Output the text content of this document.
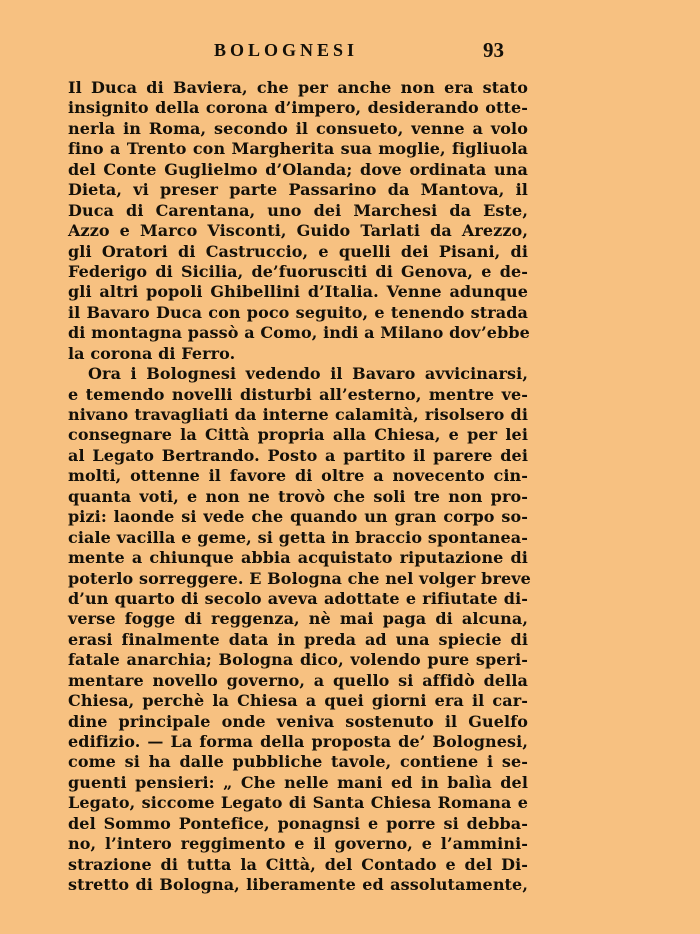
BOLOGNESI	93
Il Duca di Baviera, che per anche non era stato
insignito della corona d’impero, desiderando otte-
nerla in Roma, secondo il consueto, venne a volo
fino a Trento con Margherita sua moglie, figliuola
del Conte Guglielmo d’Olanda; dove ordinata una
Dieta, vi preser parte Passarino da Mantova, il
Duca di Carentana, uno dei Marchesi da Este,
Azzo e Marco Visconti, Guido Tarlati da Arezzo,
gli Oratori di Castruccio, e quelli dei Pisani, di
Federigo di Sicilia, de’fuorusciti di Genova, e de-
gli altri popoli Ghibellini d’Italia. Venne adunque
il Bavaro Duca con poco seguito, e tenendo strada
di montagna passò a Como, indi a Milano dov’ebbe
la corona di Ferro.
Ora i Bolognesi vedendo il Bavaro avvicinarsi,
e temendo novelli disturbi all’esterno, mentre ve-
nivano travagliati da interne calamità, risolsero di
consegnare la Città propria alla Chiesa, e per lei
al Legato Bertrando. Posto a partito il parere dei
molti, ottenne il favore di oltre a novecento cin-
quanta voti, e non ne trovò che soli tre non pro-
pizi: laonde si vede che quando un gran corpo so-
ciale vacilla e geme, si getta in braccio spontanea-
mente a chiunque abbia acquistato riputazione di
poterlo sorreggere. E Bologna che nel volger breve
d’un quarto di secolo aveva adottate e rifiutate di-
verse fogge di reggenza, nè mai paga di alcuna,
erasi finalmente data in preda ad una spiecie di
fatale anarchia; Bologna dico, volendo pure speri-
mentare novello governo, a quello si affidò della
Chiesa, perchè la Chiesa a quei giorni era il car-
dine principale onde veniva sostenuto il Guelfo
edifizio. — La forma della proposta de’ Bolognesi,
come si ha dalle pubbliche tavole, contiene i se-
guenti pensieri: „ Che nelle mani ed in balìa del
Legato, siccome Legato di Santa Chiesa Romana e
del Sommo Pontefice, ponagnsi e porre si debba-
no, l’intero reggimento e il governo, e l’ammini-
strazione di tutta la Città, del Contado e del Di-
stretto di Bologna, liberamente ed assolutamente,
